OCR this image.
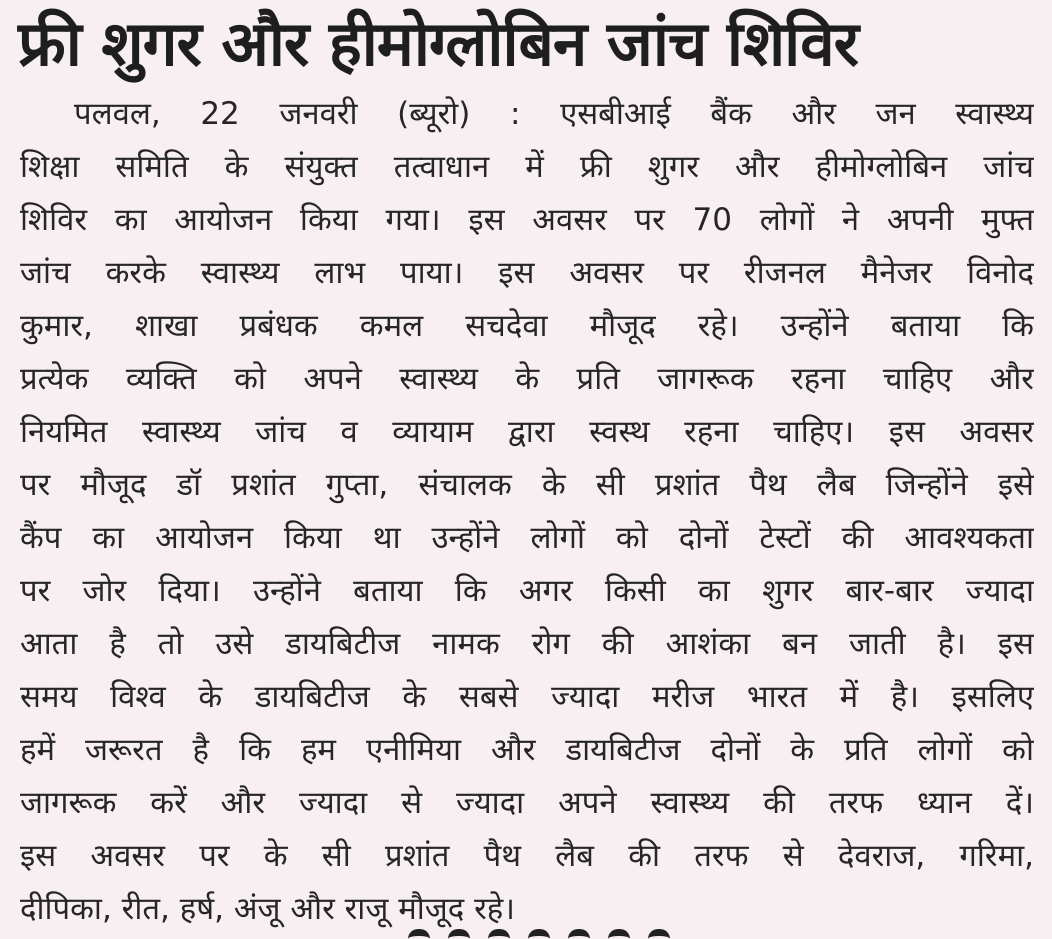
फ्री शुगर और हीमोग्लोबिन जांच शिविर
पलवल, 22 जनवरी (ब्यूरो) : एसबीआई बैंक और जन स्वास्थ्य
शिक्षा समिति के संयुक्त तत्वाधान में फ्री शुगर और हीमोग्लोबिन जांच
शिविर का आयोजन किया गया। इस अवसर पर 70 लोगों ने अपनी मुफ्त
जांच करके स्वास्थ्य लाभ पाया। इस अवसर पर रीजनल मैनेजर विनोद
कुमार, शाखा प्रबंधक कमल सचदेवा मौजूद रहे। उन्होंने बताया कि
प्रत्येक व्यक्ति को अपने स्वास्थ्य के प्रति जागरूक रहना चाहिए और
नियमित स्वास्थ्य जांच व व्यायाम द्वारा स्वस्थ रहना चाहिए। इस अवसर
पर मौजूद डॉ प्रशांत गुप्ता, संचालक के सी प्रशांत पैथ लैब जिन्होंने इसे
कैंप का आयोजन किया था उन्होंने लोगों को दोनों टेस्टों की आवश्यकता
पर जोर दिया। उन्होंने बताया कि अगर किसी का शुगर बार-बार ज्यादा
आता है तो उसे डायबिटीज नामक रोग की आशंका बन जाती है। इस
समय विश्व के डायबिटीज के सबसे ज्यादा मरीज भारत में है। इसलिए
हमें जरूरत है कि हम एनीमिया और डायबिटीज दोनों के प्रति लोगों को
जागरूक करें और ज्यादा से ज्यादा अपने स्वास्थ्य की तरफ ध्यान दें।
इस अवसर पर के सी प्रशांत पैथ लैब की तरफ से देवराज, गरिमा,
दीपिका, रीत, हर्ष, अंजू और राजू मौजूद रहे।
